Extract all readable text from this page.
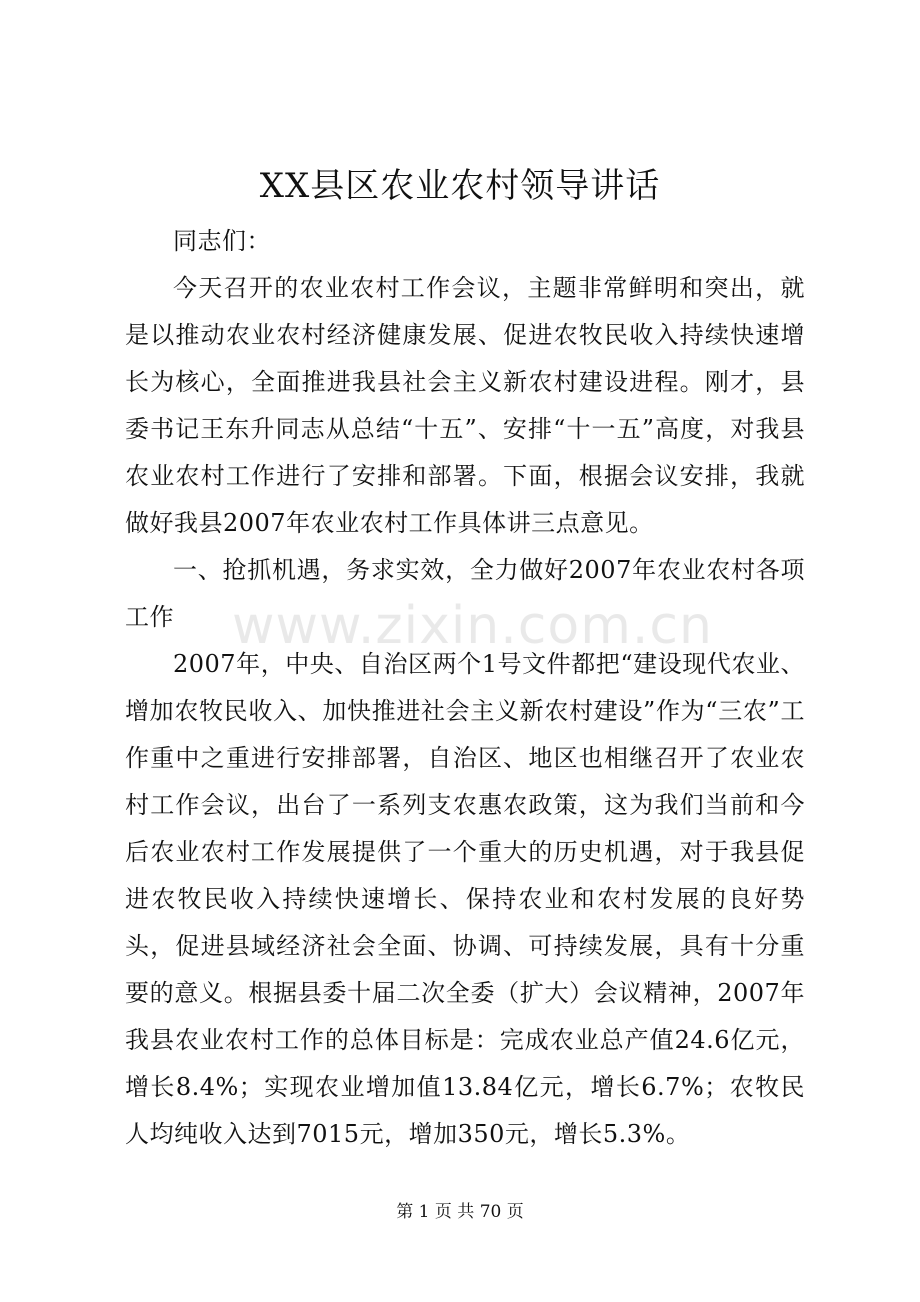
XX县区农业农村领导讲话

同志们：

今天召开的农业农村工作会议，主题非常鲜明和突出，就是以推动农业农村经济健康发展、促进农牧民收入持续快速增长为核心，全面推进我县社会主义新农村建设进程。刚才，县委书记王东升同志从总结“十五”、安排“十一五”高度，对我县农业农村工作进行了安排和部署。下面，根据会议安排，我就做好我县2007年农业农村工作具体讲三点意见。

一、抢抓机遇，务求实效，全力做好2007年农业农村各项工作

2007年，中央、自治区两个1号文件都把“建设现代农业、增加农牧民收入、加快推进社会主义新农村建设”作为“三农”工作重中之重进行安排部署，自治区、地区也相继召开了农业农村工作会议，出台了一系列支农惠农政策，这为我们当前和今后农业农村工作发展提供了一个重大的历史机遇，对于我县促进农牧民收入持续快速增长、保持农业和农村发展的良好势头，促进县域经济社会全面、协调、可持续发展，具有十分重要的意义。根据县委十届二次全委（扩大）会议精神，2007年我县农业农村工作的总体目标是：完成农业总产值24.6亿元，增长8.4%；实现农业增加值13.84亿元，增长6.7%；农牧民人均纯收入达到7015元，增加350元，增长5.3%。

www.zixin.com.cn
第 1 页 共 70 页
